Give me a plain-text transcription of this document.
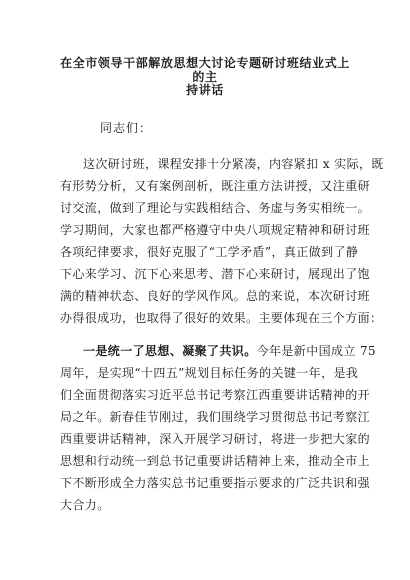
在全市领导干部解放思想大讨论专题研讨班结业式上的主

持讲话

同志们：

这次研讨班，课程安排十分紧凑，内容紧扣 x 实际，既

有形势分析，又有案例剖析，既注重方法讲授，又注重研

讨交流，做到了理论与实践相结合、务虚与务实相统一。

学习期间，大家也都严格遵守中央八项规定精神和研讨班

各项纪律要求，很好克服了“工学矛盾”，真正做到了静

下心来学习、沉下心来思考、潜下心来研讨，展现出了饱

满的精神状态、良好的学风作风。总的来说，本次研讨班

办得很成功，也取得了很好的效果。主要体现在三个方面：

一是统一了思想、凝聚了共识。今年是新中国成立 75

周年，是实现“十四五”规划目标任务的关键一年，是我

们全面贯彻落实习近平总书记考察江西重要讲话精神的开

局之年。新春佳节刚过，我们围绕学习贯彻总书记考察江

西重要讲话精神，深入开展学习研讨，将进一步把大家的

思想和行动统一到总书记重要讲话精神上来，推动全市上

下不断形成全力落实总书记重要指示要求的广泛共识和强

大合力。
